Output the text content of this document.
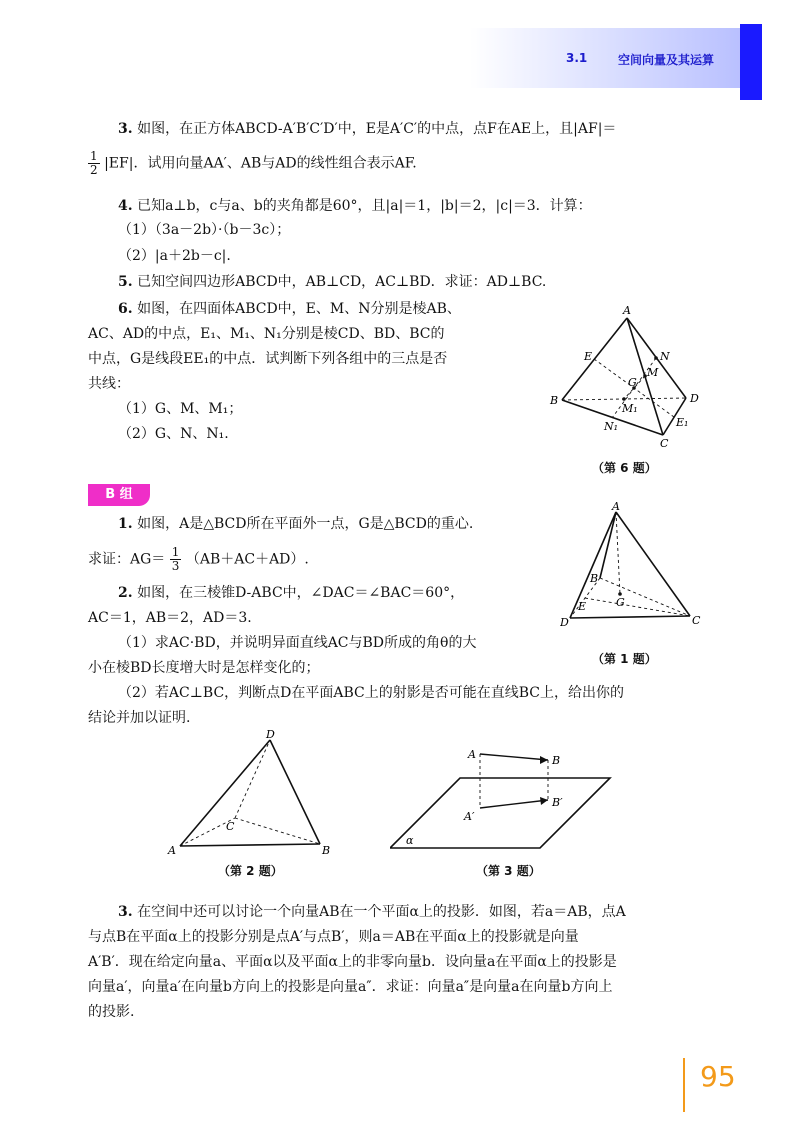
3.1	空间向量及其运算
3. 如图，在正方体ABCD-A′B′C′D′中，E是A′C′的中点，点F在AE上，且|AF|＝
$\frac{1}{2} |EF|$．试用向量AA′、AB与AD的线性组合表示AF.
4. 已知a⊥b，c与a、b的夹角都是60°，且|a|＝1，|b|＝2，|c|＝3．计算：
（1）（3a－2b）·（b－3c）；
（2）|a＋2b－c|.
5. 已知空间四边形ABCD中，AB⊥CD，AC⊥BD．求证：AD⊥BC.
6. 如图，在四面体ABCD中，E、M、N分别是棱AB、
AC、AD的中点，E₁、M₁、N₁分别是棱CD、BD、BC的
中点，G是线段EE₁的中点．试判断下列各组中的三点是否
共线：
（1）G、M、M₁；
（2）G、N、N₁.
A
B
C
D
E
M
N
G
M₁
N₁	E₁
（第 6 题）
B 组
1. 如图，A是△BCD所在平面外一点，G是△BCD的重心.
求证：$AG= \frac{1}{3} (AB+AC+AD)$.
2. 如图，在三棱锥D-ABC中，∠DAC＝∠BAC＝60°，
AC＝1，AB＝2，AD＝3.
（1）求AC·BD，并说明异面直线AC与BD所成的角θ的大
小在棱BD长度增大时是怎样变化的；
（2）若AC⊥BC，判断点D在平面ABC上的射影是否可能在直线BC上，给出你的
结论并加以证明.
A
B
C
D
E	G
（第 1 题）
D
C
A	B
（第 2 题）
A	B
A′
B′
α
（第 3 题）
3. 在空间中还可以讨论一个向量AB在一个平面α上的投影．如图，若a＝AB，点A
与点B在平面α上的投影分别是点A′与点B′，则a＝AB在平面α上的投影就是向量
A′B′．现在给定向量a、平面α以及平面α上的非零向量b．设向量a在平面α上的投影是
向量a′，向量a′在向量b方向上的投影是向量a″．求证：向量a″是向量a在向量b方向上
的投影.
95
